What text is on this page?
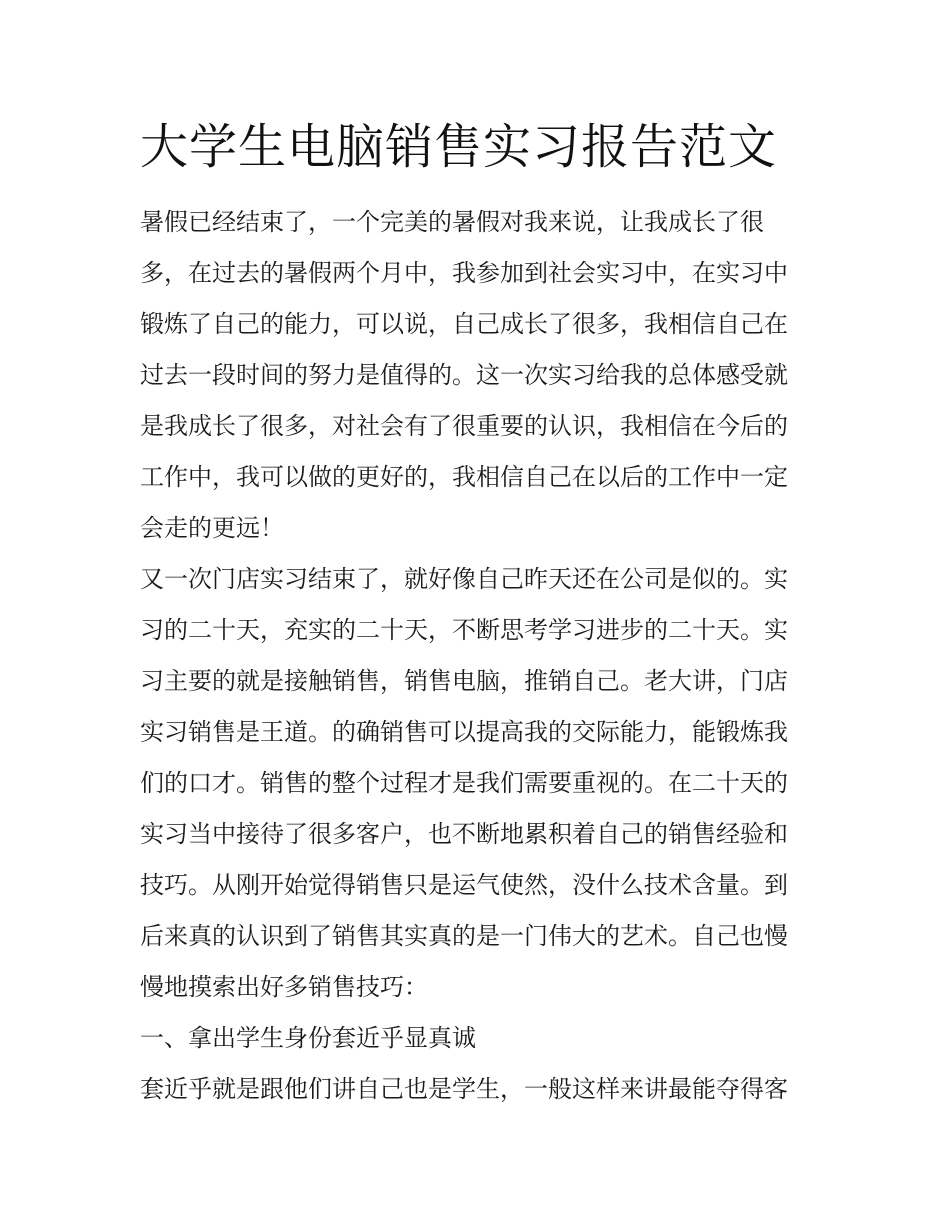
大学生电脑销售实习报告范文

暑假已经结束了，一个完美的暑假对我来说，让我成长了很

多，在过去的暑假两个月中，我参加到社会实习中，在实习中

锻炼了自己的能力，可以说，自己成长了很多，我相信自己在

过去一段时间的努力是值得的。这一次实习给我的总体感受就

是我成长了很多，对社会有了很重要的认识，我相信在今后的

工作中，我可以做的更好的，我相信自己在以后的工作中一定

会走的更远！

又一次门店实习结束了，就好像自己昨天还在公司是似的。实

习的二十天，充实的二十天，不断思考学习进步的二十天。实

习主要的就是接触销售，销售电脑，推销自己。老大讲，门店

实习销售是王道。的确销售可以提高我的交际能力，能锻炼我

们的口才。销售的整个过程才是我们需要重视的。在二十天的

实习当中接待了很多客户，也不断地累积着自己的销售经验和

技巧。从刚开始觉得销售只是运气使然，没什么技术含量。到

后来真的认识到了销售其实真的是一门伟大的艺术。自己也慢

慢地摸索出好多销售技巧：

一、拿出学生身份套近乎显真诚

套近乎就是跟他们讲自己也是学生，一般这样来讲最能夺得客
